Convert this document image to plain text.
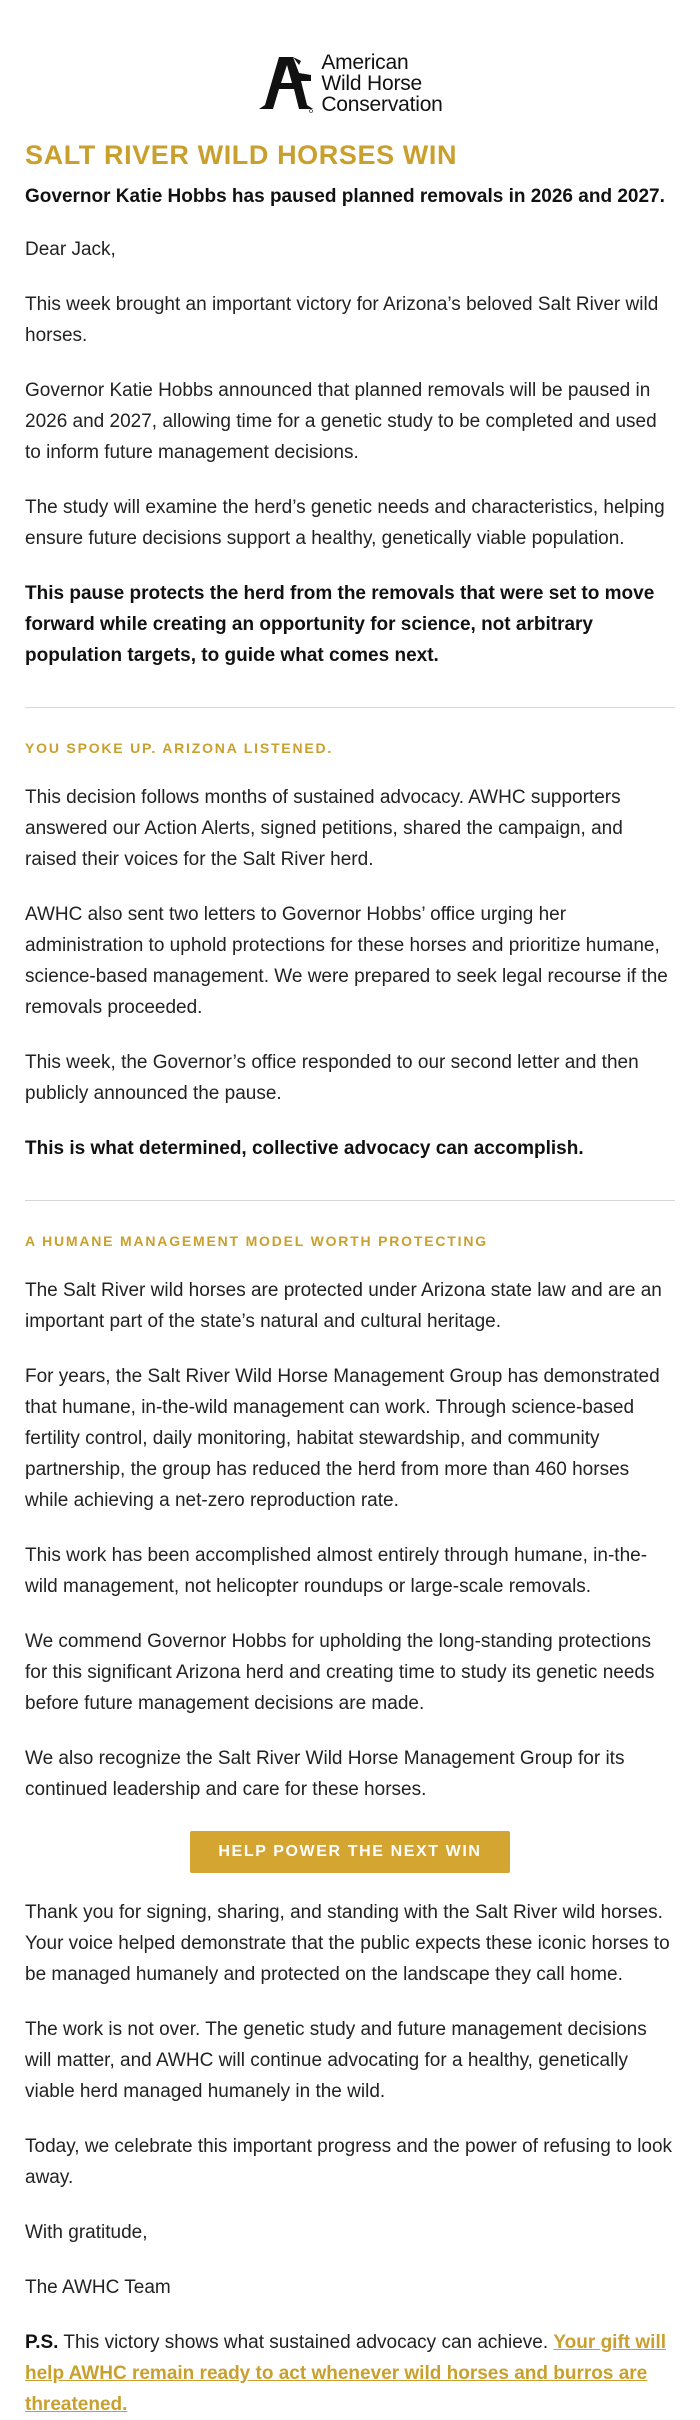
American
Wild Horse
Conservation
SALT RIVER WILD HORSES WIN
Governor Katie Hobbs has paused planned removals in 2026 and 2027.

Dear Jack,

This week brought an important victory for Arizona’s beloved Salt River wild horses.

Governor Katie Hobbs announced that planned removals will be paused in 2026 and 2027, allowing time for a genetic study to be completed and used to inform future management decisions.

The study will examine the herd’s genetic needs and characteristics, helping ensure future decisions support a healthy, genetically viable population.

This pause protects the herd from the removals that were set to move forward while creating an opportunity for science, not arbitrary population targets, to guide what comes next.

YOU SPOKE UP. ARIZONA LISTENED.

This decision follows months of sustained advocacy. AWHC supporters answered our Action Alerts, signed petitions, shared the campaign, and raised their voices for the Salt River herd.

AWHC also sent two letters to Governor Hobbs’ office urging her administration to uphold protections for these horses and prioritize humane, science-based management. We were prepared to seek legal recourse if the removals proceeded.

This week, the Governor’s office responded to our second letter and then publicly announced the pause.

This is what determined, collective advocacy can accomplish.

A HUMANE MANAGEMENT MODEL WORTH PROTECTING

The Salt River wild horses are protected under Arizona state law and are an important part of the state’s natural and cultural heritage.

For years, the Salt River Wild Horse Management Group has demonstrated that humane, in-the-wild management can work. Through science-based fertility control, daily monitoring, habitat stewardship, and community partnership, the group has reduced the herd from more than 460 horses while achieving a net-zero reproduction rate.

This work has been accomplished almost entirely through humane, in-the-wild management, not helicopter roundups or large-scale removals.

We commend Governor Hobbs for upholding the long-standing protections for this significant Arizona herd and creating time to study its genetic needs before future management decisions are made.

We also recognize the Salt River Wild Horse Management Group for its continued leadership and care for these horses.

HELP POWER THE NEXT WIN

Thank you for signing, sharing, and standing with the Salt River wild horses. Your voice helped demonstrate that the public expects these iconic horses to be managed humanely and protected on the landscape they call home.

The work is not over. The genetic study and future management decisions will matter, and AWHC will continue advocating for a healthy, genetically viable herd managed humanely in the wild.

Today, we celebrate this important progress and the power of refusing to look away.

With gratitude,

The AWHC Team

P.S. This victory shows what sustained advocacy can achieve. Your gift will help AWHC remain ready to act whenever wild horses and burros are threatened.
